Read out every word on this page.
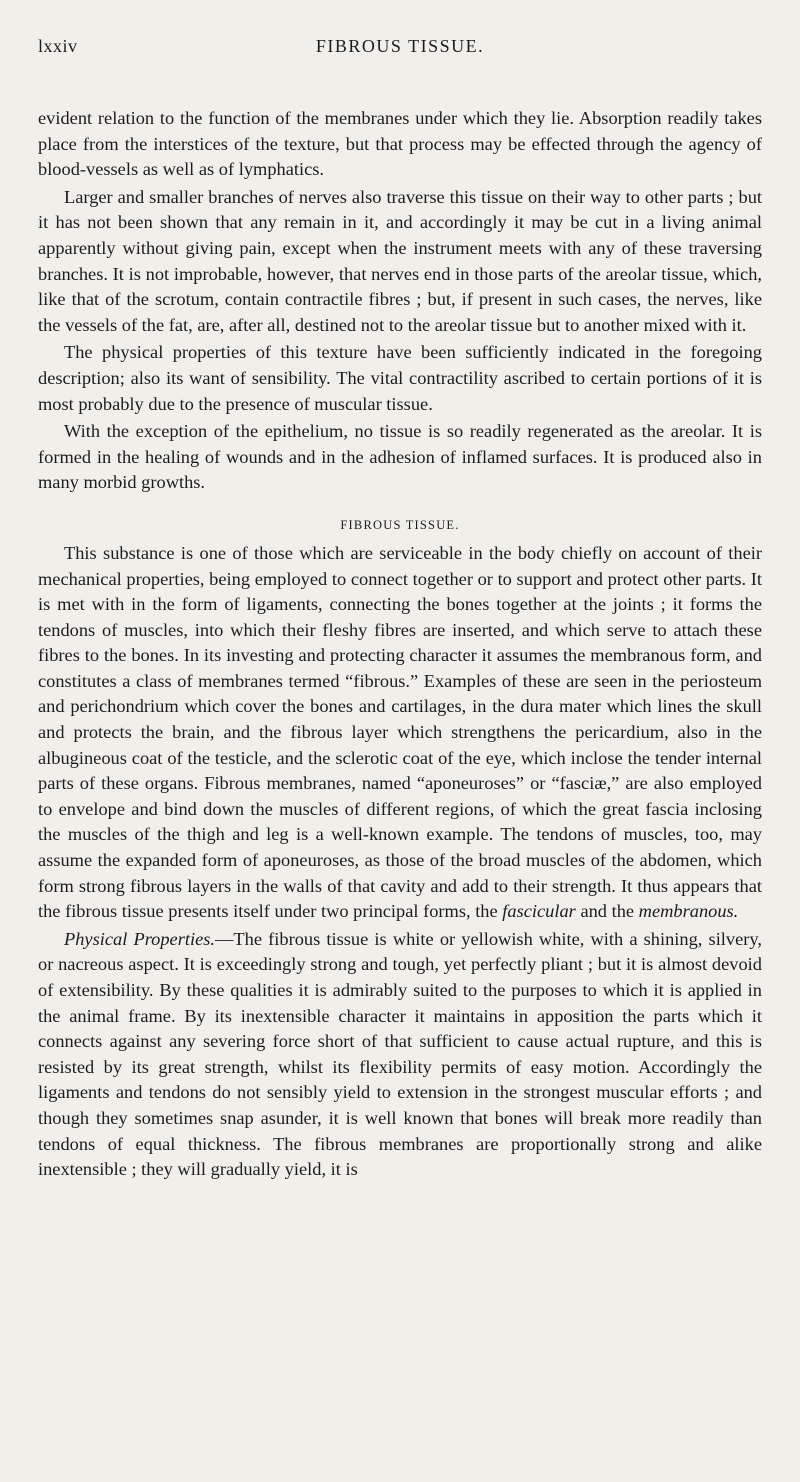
lxxiv	FIBROUS TISSUE.

evident relation to the function of the membranes under which they lie. Absorption readily takes place from the interstices of the texture, but that process may be effected through the agency of blood-vessels as well as of lymphatics.

Larger and smaller branches of nerves also traverse this tissue on their way to other parts ; but it has not been shown that any remain in it, and accordingly it may be cut in a living animal apparently without giving pain, except when the instrument meets with any of these traversing branches. It is not improbable, however, that nerves end in those parts of the areolar tissue, which, like that of the scrotum, contain contractile fibres ; but, if present in such cases, the nerves, like the vessels of the fat, are, after all, destined not to the areolar tissue but to another mixed with it.

The physical properties of this texture have been sufficiently indicated in the foregoing description; also its want of sensibility. The vital contractility ascribed to certain portions of it is most probably due to the presence of muscular tissue.

With the exception of the epithelium, no tissue is so readily regenerated as the areolar. It is formed in the healing of wounds and in the adhesion of inflamed surfaces. It is produced also in many morbid growths.

FIBROUS TISSUE.

This substance is one of those which are serviceable in the body chiefly on account of their mechanical properties, being employed to connect together or to support and protect other parts. It is met with in the form of ligaments, connecting the bones together at the joints ; it forms the tendons of muscles, into which their fleshy fibres are inserted, and which serve to attach these fibres to the bones. In its investing and protecting character it assumes the membranous form, and constitutes a class of membranes termed “fibrous.” Examples of these are seen in the periosteum and perichondrium which cover the bones and cartilages, in the dura mater which lines the skull and protects the brain, and the fibrous layer which strengthens the pericardium, also in the albugineous coat of the testicle, and the sclerotic coat of the eye, which inclose the tender internal parts of these organs. Fibrous membranes, named “aponeuroses” or “fasciæ,” are also employed to envelope and bind down the muscles of different regions, of which the great fascia inclosing the muscles of the thigh and leg is a well-known example. The tendons of muscles, too, may assume the expanded form of aponeuroses, as those of the broad muscles of the abdomen, which form strong fibrous layers in the walls of that cavity and add to their strength. It thus appears that the fibrous tissue presents itself under two principal forms, the fascicular and the membranous.

Physical Properties.—The fibrous tissue is white or yellowish white, with a shining, silvery, or nacreous aspect. It is exceedingly strong and tough, yet perfectly pliant ; but it is almost devoid of extensibility. By these qualities it is admirably suited to the purposes to which it is applied in the animal frame. By its inextensible character it maintains in apposition the parts which it connects against any severing force short of that sufficient to cause actual rupture, and this is resisted by its great strength, whilst its flexibility permits of easy motion. Accordingly the ligaments and tendons do not sensibly yield to extension in the strongest muscular efforts ; and though they sometimes snap asunder, it is well known that bones will break more readily than tendons of equal thickness. The fibrous membranes are proportionally strong and alike inextensible ; they will gradually yield, it is
